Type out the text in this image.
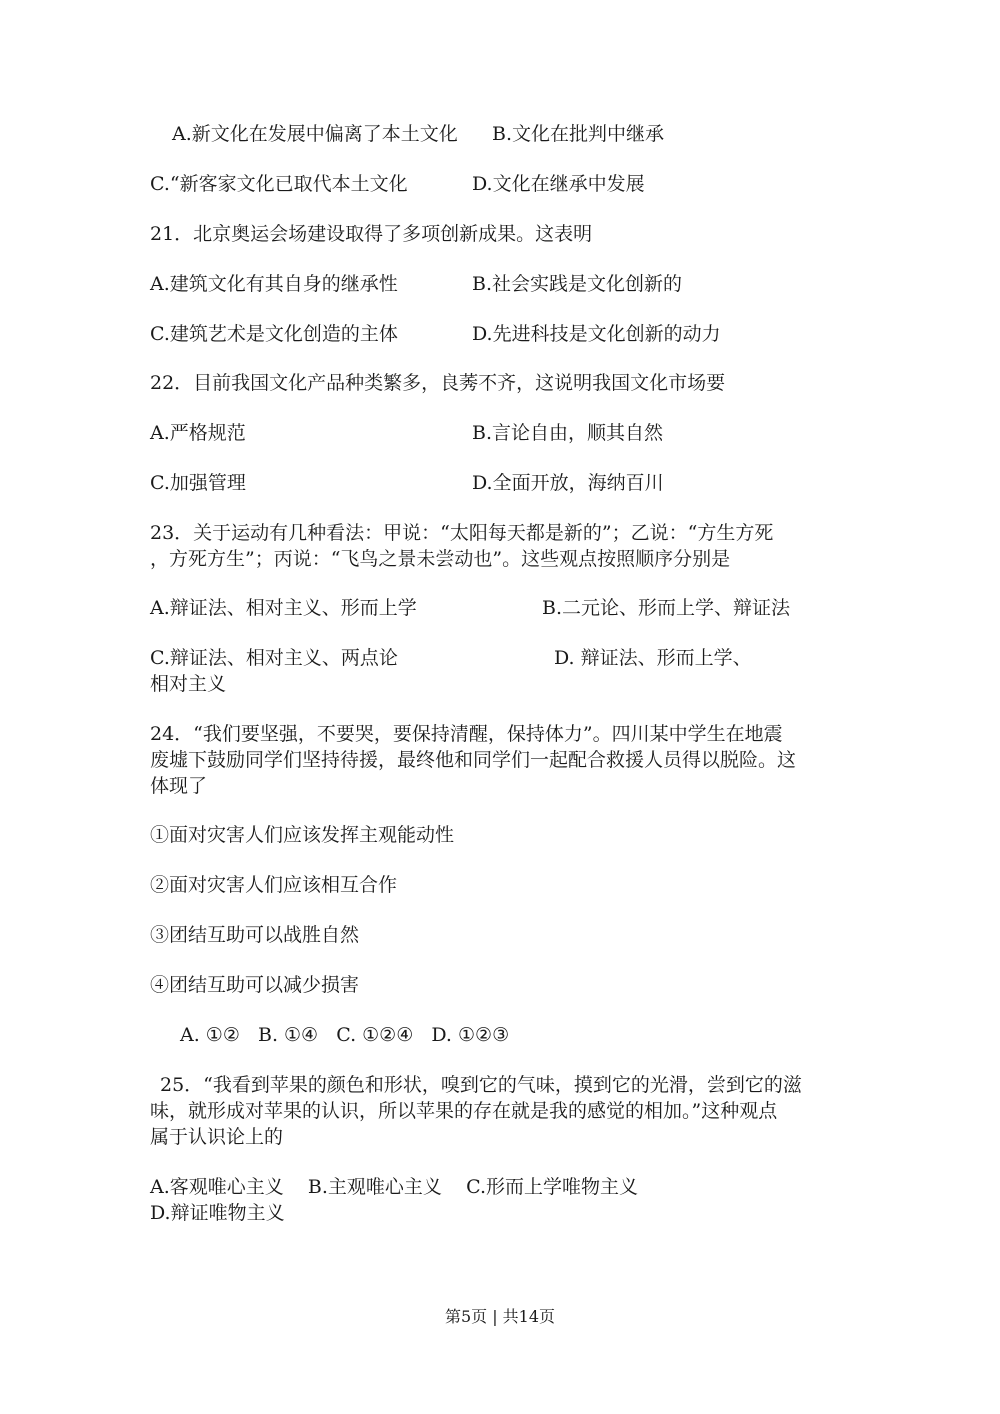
A.新文化在发展中偏离了本土文化 B.文化在批判中继承
C.“新客家文化已取代本土文化	D.文化在继承中发展
21．北京奥运会场建设取得了多项创新成果。这表明
A.建筑文化有其自身的继承性	B.社会实践是文化创新的
C.建筑艺术是文化创造的主体	D.先进科技是文化创新的动力
22．目前我国文化产品种类繁多，良莠不齐，这说明我国文化市场要
A.严格规范	B.言论自由，顺其自然
C.加强管理	D.全面开放，海纳百川
23．关于运动有几种看法：甲说：“太阳每天都是新的”；乙说：“方生方死
，方死方生”；丙说：“飞鸟之景未尝动也”。这些观点按照顺序分别是
A.辩证法、相对主义、形而上学	B.二元论、形而上学、辩证法
C.辩证法、相对主义、两点论	D. 辩证法、形而上学、
相对主义
24．“我们要坚强，不要哭，要保持清醒，保持体力”。四川某中学生在地震
废墟下鼓励同学们坚持待援，最终他和同学们一起配合救援人员得以脱险。这
体现了
①面对灾害人们应该发挥主观能动性
②面对灾害人们应该相互合作
③团结互助可以战胜自然
④团结互助可以减少损害
A. ①②   B. ①④   C. ①②④   D. ①②③
25．“我看到苹果的颜色和形状，嗅到它的气味，摸到它的光滑，尝到它的滋
味，就形成对苹果的认识，所以苹果的存在就是我的感觉的相加。”这种观点
属于认识论上的
A.客观唯心主义    B.主观唯心主义    C.形而上学唯物主义
D.辩证唯物主义
第5页 | 共14页
